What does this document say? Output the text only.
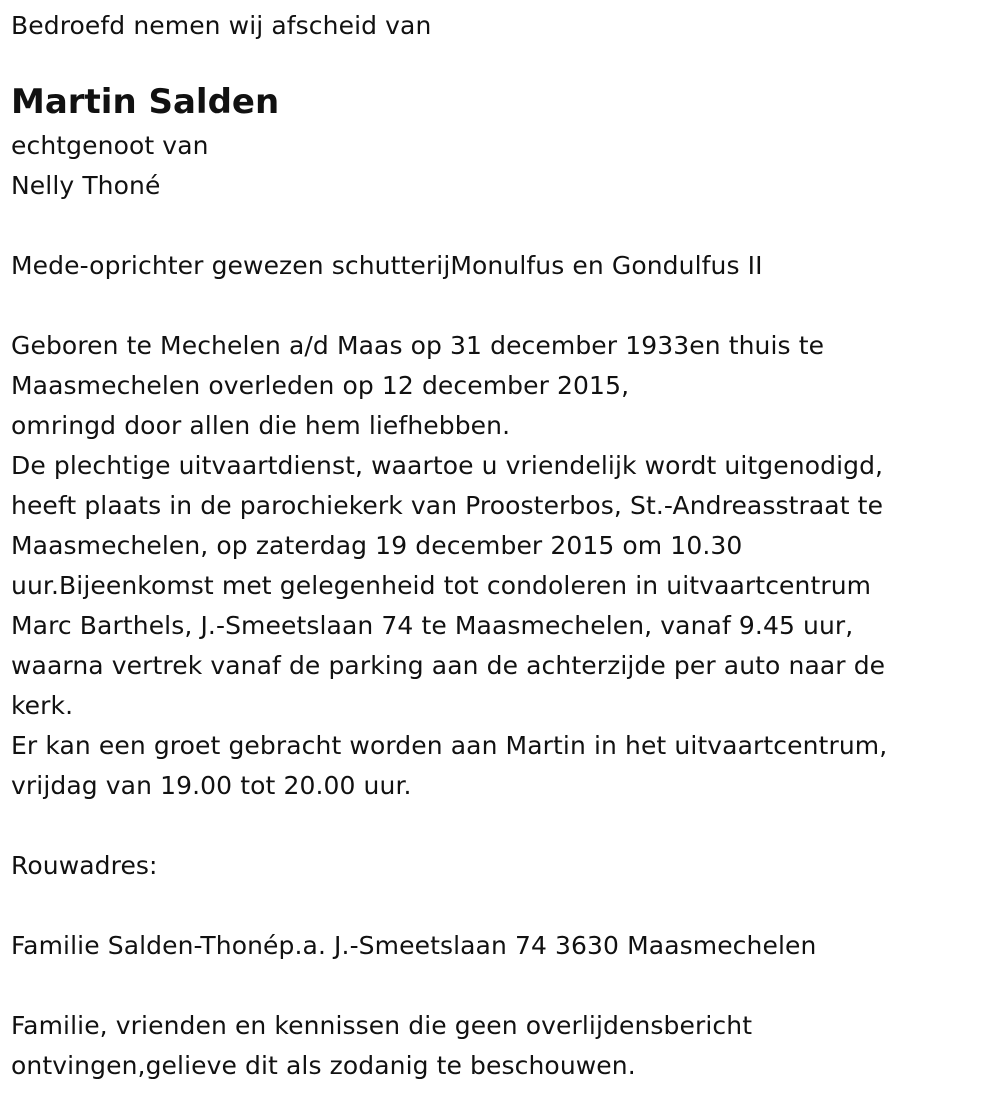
Bedroefd nemen wij afscheid van
Martin Salden
echtgenoot van
Nelly Thoné
Mede-oprichter gewezen schutterijMonulfus en Gondulfus II
Geboren te Mechelen a/d Maas op 31 december 1933en thuis te
Maasmechelen overleden op 12 december 2015,
omringd door allen die hem liefhebben.
De plechtige uitvaartdienst, waartoe u vriendelijk wordt uitgenodigd,
heeft plaats in de parochiekerk van Proosterbos, St.-Andreasstraat te
Maasmechelen, op zaterdag 19 december 2015 om 10.30
uur.Bijeenkomst met gelegenheid tot condoleren in uitvaartcentrum
Marc Barthels, J.-Smeetslaan 74 te Maasmechelen, vanaf 9.45 uur,
waarna vertrek vanaf de parking aan de achterzijde per auto naar de
kerk.
Er kan een groet gebracht worden aan Martin in het uitvaartcentrum,
vrijdag van 19.00 tot 20.00 uur.
Rouwadres:
Familie Salden-Thonép.a. J.-Smeetslaan 74 3630 Maasmechelen
Familie, vrienden en kennissen die geen overlijdensbericht
ontvingen,gelieve dit als zodanig te beschouwen.
